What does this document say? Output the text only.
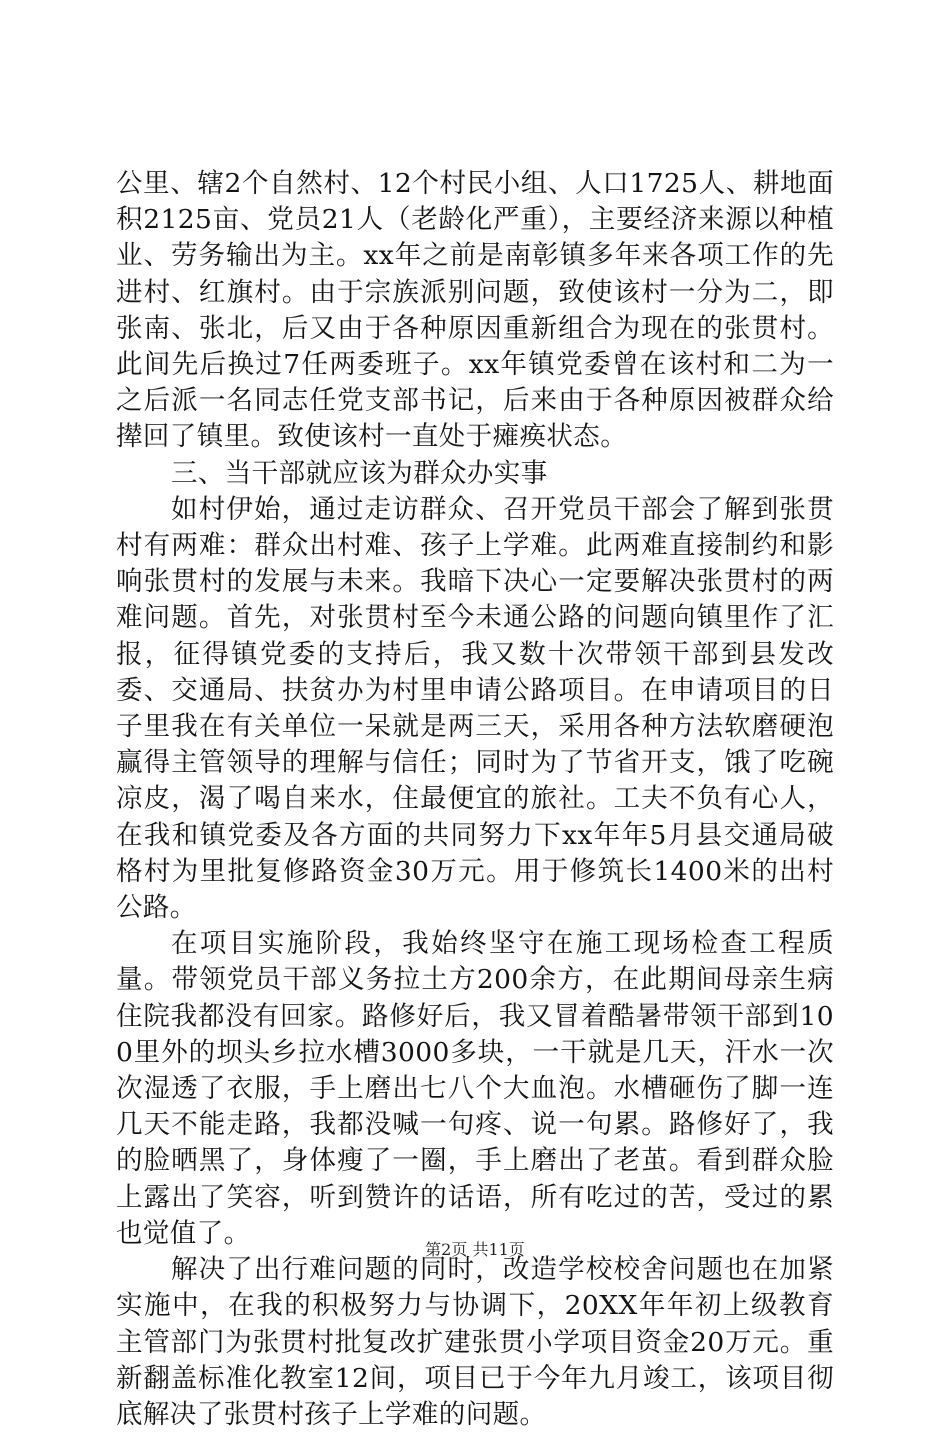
公里、辖2个自然村、12个村民小组、人口1725人、耕地面积2125亩、党员21人（老龄化严重），主要经济来源以种植业、劳务输出为主。xx年之前是南彰镇多年来各项工作的先进村、红旗村。由于宗族派别问题，致使该村一分为二，即张南、张北，后又由于各种原因重新组合为现在的张贯村。此间先后换过7任两委班子。xx年镇党委曾在该村和二为一之后派一名同志任党支部书记，后来由于各种原因被群众给撵回了镇里。致使该村一直处于瘫痪状态。

三、当干部就应该为群众办实事

如村伊始，通过走访群众、召开党员干部会了解到张贯村有两难：群众出村难、孩子上学难。此两难直接制约和影响张贯村的发展与未来。我暗下决心一定要解决张贯村的两难问题。首先，对张贯村至今未通公路的问题向镇里作了汇报，征得镇党委的支持后，我又数十次带领干部到县发改委、交通局、扶贫办为村里申请公路项目。在申请项目的日子里我在有关单位一呆就是两三天，采用各种方法软磨硬泡赢得主管领导的理解与信任；同时为了节省开支，饿了吃碗凉皮，渴了喝自来水，住最便宜的旅社。工夫不负有心人，在我和镇党委及各方面的共同努力下xx年年5月县交通局破格村为里批复修路资金30万元。用于修筑长1400米的出村公路。

在项目实施阶段，我始终坚守在施工现场检查工程质量。带领党员干部义务拉土方200余方，在此期间母亲生病住院我都没有回家。路修好后，我又冒着酷暑带领干部到100里外的坝头乡拉水槽3000多块，一干就是几天，汗水一次次湿透了衣服，手上磨出七八个大血泡。水槽砸伤了脚一连几天不能走路，我都没喊一句疼、说一句累。路修好了，我的脸晒黑了，身体瘦了一圈，手上磨出了老茧。看到群众脸上露出了笑容，听到赞许的话语，所有吃过的苦，受过的累也觉值了。

解决了出行难问题的同时，改造学校校舍问题也在加紧实施中，在我的积极努力与协调下，20XX年年初上级教育主管部门为张贯村批复改扩建张贯小学项目资金20万元。重新翻盖标准化教室12间，项目已于今年九月竣工，该项目彻底解决了张贯村孩子上学难的问题。

第2页 共11页
